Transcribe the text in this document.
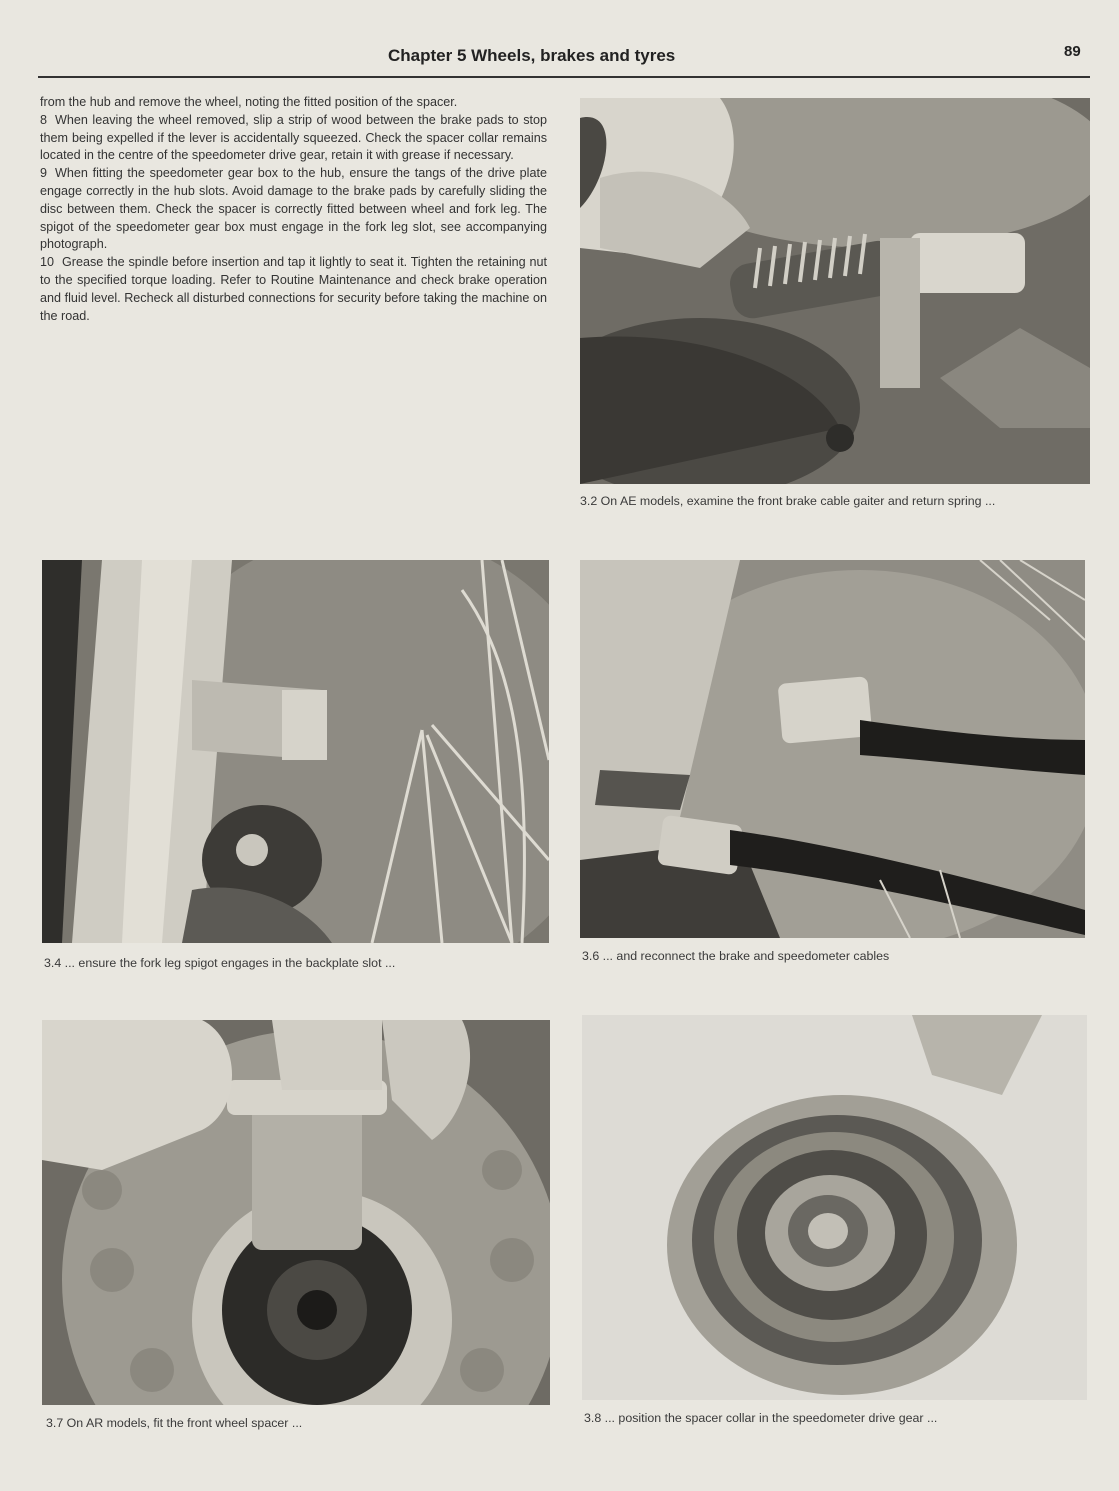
Chapter 5 Wheels, brakes and tyres	89

from the hub and remove the wheel, noting the fitted position of the spacer.

8 When leaving the wheel removed, slip a strip of wood between the brake pads to stop them being expelled if the lever is accidentally squeezed. Check the spacer collar remains located in the centre of the speedometer drive gear, retain it with grease if necessary.

9 When fitting the speedometer gear box to the hub, ensure the tangs of the drive plate engage correctly in the hub slots. Avoid damage to the brake pads by carefully sliding the disc between them. Check the spacer is correctly fitted between wheel and fork leg. The spigot of the speedometer gear box must engage in the fork leg slot, see accompanying photograph.

10 Grease the spindle before insertion and tap it lightly to seat it. Tighten the retaining nut to the specified torque loading. Refer to Routine Maintenance and check brake operation and fluid level. Recheck all disturbed connections for security before taking the machine on the road.

3.2 On AE models, examine the front brake cable gaiter and return spring ...
3.4 ... ensure the fork leg spigot engages in the backplate slot ...	3.6 ... and reconnect the brake and speedometer cables
3.7 On AR models, fit the front wheel spacer ...	3.8 ... position the spacer collar in the speedometer drive gear ...
